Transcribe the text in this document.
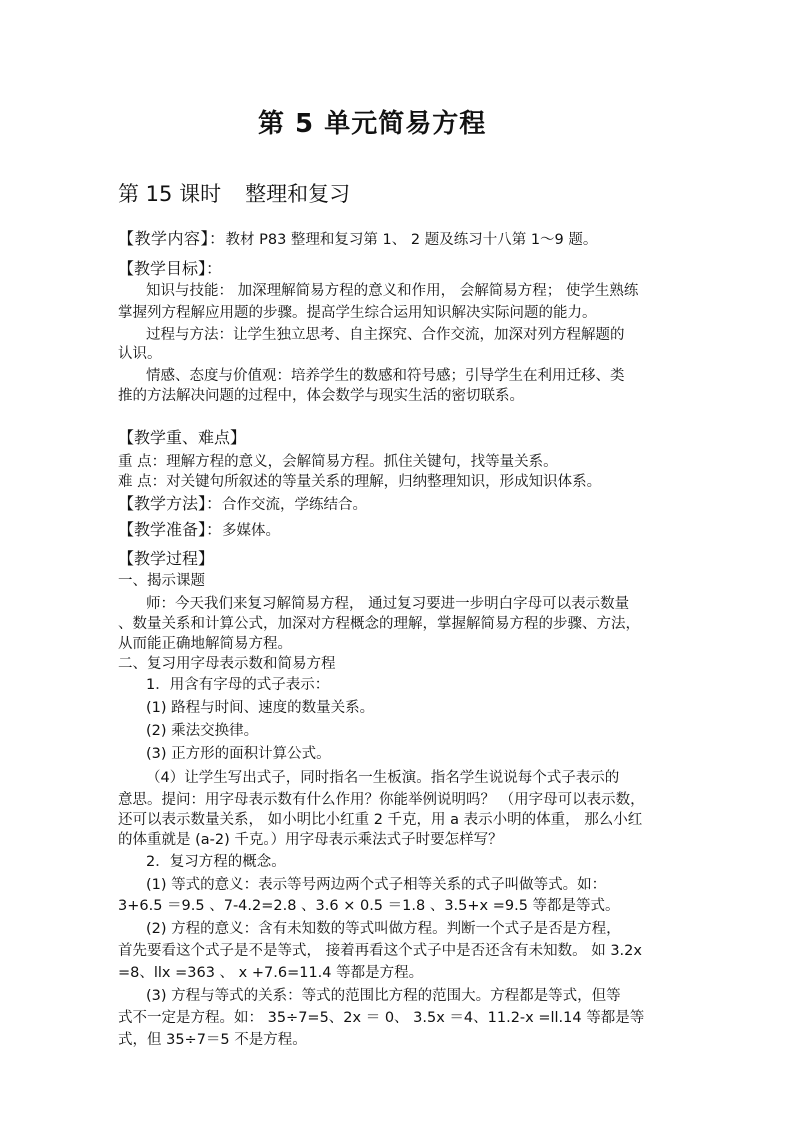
第 5 单元简易方程
第 15 课时 整理和复习

【教学内容】：教材 P83 整理和复习第 1、 2 题及练习十八第 1～9 题。

【教学目标】：

知识与技能： 加深理解简易方程的意义和作用， 会解简易方程； 使学生熟练

掌握列方程解应用题的步骤。提高学生综合运用知识解决实际问题的能力。

过程与方法：让学生独立思考、自主探究、合作交流，加深对列方程解题的

认识。

情感、态度与价值观：培养学生的数感和符号感；引导学生在利用迁移、类

推的方法解决问题的过程中，体会数学与现实生活的密切联系。

【教学重、难点】

重 点：理解方程的意义，会解简易方程。抓住关键句，找等量关系。

难 点：对关键句所叙述的等量关系的理解，归纳整理知识，形成知识体系。

【教学方法】：合作交流，学练结合。

【教学准备】：多媒体。

【教学过程】

一、揭示课题

师：今天我们来复习解简易方程， 通过复习要进一步明白字母可以表示数量

、数量关系和计算公式，加深对方程概念的理解，掌握解简易方程的步骤、方法，

从而能正确地解简易方程。

二、复习用字母表示数和简易方程

1．用含有字母的式子表示：

(1) 路程与时间、速度的数量关系。

(2) 乘法交换律。

(3) 正方形的面积计算公式。

（4）让学生写出式子，同时指名一生板演。指名学生说说每个式子表示的

意思。提问：用字母表示数有什么作用？你能举例说明吗？ （用字母可以表示数，

还可以表示数量关系， 如小明比小红重 2 千克，用 a 表示小明的体重， 那么小红

的体重就是 (a-2) 千克。）用字母表示乘法式子时要怎样写？

2．复习方程的概念。

(1) 等式的意义：表示等号两边两个式子相等关系的式子叫做等式。如：

3+6.5 ＝9.5 、7-4.2=2.8 、3.6 × 0.5 ＝1.8 、3.5+x =9.5 等都是等式。

(2) 方程的意义：含有未知数的等式叫做方程。判断一个式子是否是方程，

首先要看这个式子是不是等式， 接着再看这个式子中是否还含有未知数。 如 3.2x

=8、llx =363 、 x +7.6=11.4 等都是方程。

(3) 方程与等式的关系：等式的范围比方程的范围大。方程都是等式，但等

式不一定是方程。如： 35÷7=5、2x ＝ 0、 3.5x ＝4、11.2-x =ll.14 等都是等

式，但 35÷7＝5 不是方程。
